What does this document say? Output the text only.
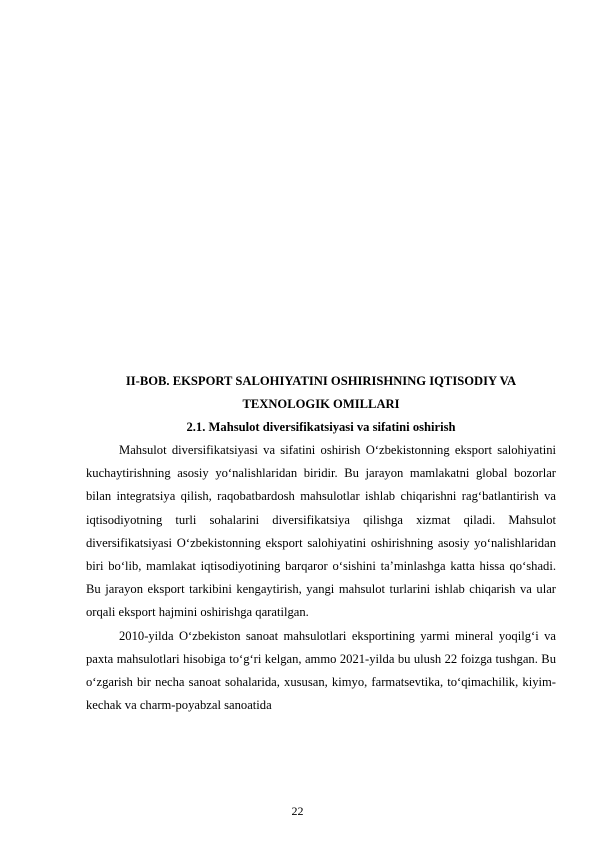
II-BOB. EKSPORT SALOHIYATINI OSHIRISHNING IQTISODIY VA
TEXNOLOGIK OMILLARI
2.1. Mahsulot diversifikatsiyasi va sifatini oshirish

Mahsulot diversifikatsiyasi va sifatini oshirish O‘zbekistonning eksport salohiyatini kuchaytirishning asosiy yo‘nalishlaridan biridir. Bu jarayon mamlakatni global bozorlar bilan integratsiya qilish, raqobatbardosh mahsulotlar ishlab chiqarishni rag‘batlantirish va iqtisodiyotning turli sohalarini diversifikatsiya qilishga xizmat qiladi. Mahsulot diversifikatsiyasi O‘zbekistonning eksport salohiyatini oshirishning asosiy yo‘nalishlaridan biri bo‘lib, mamlakat iqtisodiyotining barqaror o‘sishini ta’minlashga katta hissa qo‘shadi. Bu jarayon eksport tarkibini kengaytirish, yangi mahsulot turlarini ishlab chiqarish va ular orqali eksport hajmini oshirishga qaratilgan.

2010-yilda O‘zbekiston sanoat mahsulotlari eksportining yarmi mineral yoqilg‘i va paxta mahsulotlari hisobiga to‘g‘ri kelgan, ammo 2021-yilda bu ulush 22 foizga tushgan. Bu o‘zgarish bir necha sanoat sohalarida, xususan, kimyo, farmatsevtika, to‘qimachilik, kiyim-kechak va charm-poyabzal sanoatida

22
